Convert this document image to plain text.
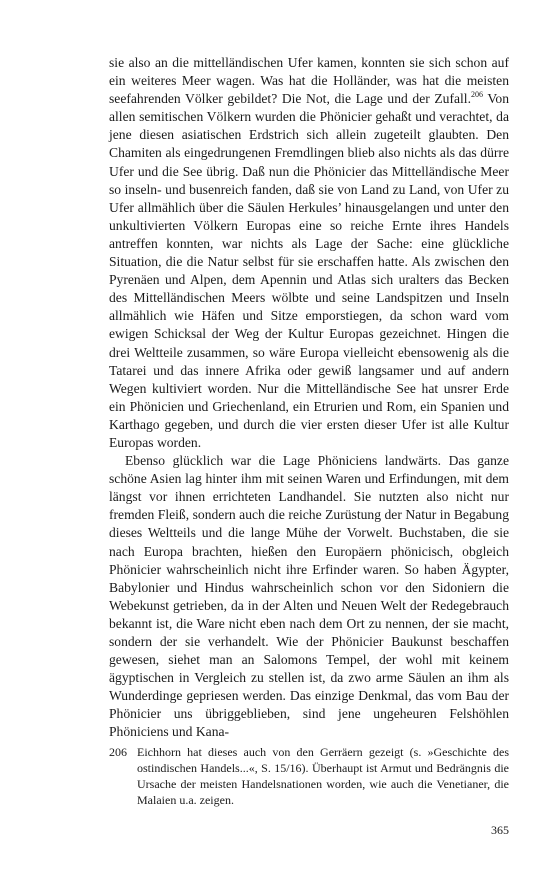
sie also an die mittelländischen Ufer kamen, konnten sie sich schon auf ein weiteres Meer wagen. Was hat die Holländer, was hat die meisten seefahrenden Völker gebildet? Die Not, die Lage und der Zufall.$^{206}$ Von allen semitischen Völkern wurden die Phönicier gehaßt und verachtet, da jene diesen asiatischen Erdstrich sich allein zugeteilt glaubten. Den Chamiten als eingedrungenen Fremdlingen blieb also nichts als das dürre Ufer und die See übrig. Daß nun die Phönicier das Mittelländische Meer so inseln- und busenreich fanden, daß sie von Land zu Land, von Ufer zu Ufer allmählich über die Säulen Herkules’ hinausgelangen und unter den unkultivierten Völkern Europas eine so reiche Ernte ihres Handels antreffen konnten, war nichts als Lage der Sache: eine glückliche Situation, die die Natur selbst für sie erschaffen hatte. Als zwischen den Pyrenäen und Alpen, dem Apennin und Atlas sich uralters das Becken des Mittelländischen Meers wölbte und seine Landspitzen und Inseln allmählich wie Häfen und Sitze emporstiegen, da schon ward vom ewigen Schicksal der Weg der Kultur Europas gezeichnet. Hingen die drei Weltteile zusammen, so wäre Europa vielleicht ebensowenig als die Tatarei und das innere Afrika oder gewiß langsamer und auf andern Wegen kultiviert worden. Nur die Mittelländische See hat unsrer Erde ein Phönicien und Griechenland, ein Etrurien und Rom, ein Spanien und Karthago gegeben, und durch die vier ersten dieser Ufer ist alle Kultur Europas worden.

Ebenso glücklich war die Lage Phöniciens landwärts. Das ganze schöne Asien lag hinter ihm mit seinen Waren und Erfindungen, mit dem längst vor ihnen errichteten Landhandel. Sie nutzten also nicht nur fremden Fleiß, sondern auch die reiche Zurüstung der Natur in Begabung dieses Weltteils und die lange Mühe der Vorwelt. Buchstaben, die sie nach Europa brachten, hießen den Europäern phönicisch, obgleich Phönicier wahrscheinlich nicht ihre Erfinder waren. So haben Ägypter, Babylonier und Hindus wahrscheinlich schon vor den Sidoniern die Webekunst getrieben, da in der Alten und Neuen Welt der Redegebrauch bekannt ist, die Ware nicht eben nach dem Ort zu nennen, der sie macht, sondern der sie verhandelt. Wie der Phönicier Baukunst beschaffen gewesen, siehet man an Salomons Tempel, der wohl mit keinem ägyptischen in Vergleich zu stellen ist, da zwo arme Säulen an ihm als Wunderdinge gepriesen werden. Das einzige Denkmal, das vom Bau der Phönicier uns übriggeblieben, sind jene ungeheuren Felshöhlen Phöniciens und Kana-

206 Eichhorn hat dieses auch von den Gerräern gezeigt (s. »Geschichte des ostindischen Handels...«, S. 15/16). Überhaupt ist Armut und Bedrängnis die Ursache der meisten Handelsnationen worden, wie auch die Venetianer, die Malaien u.a. zeigen.
365
